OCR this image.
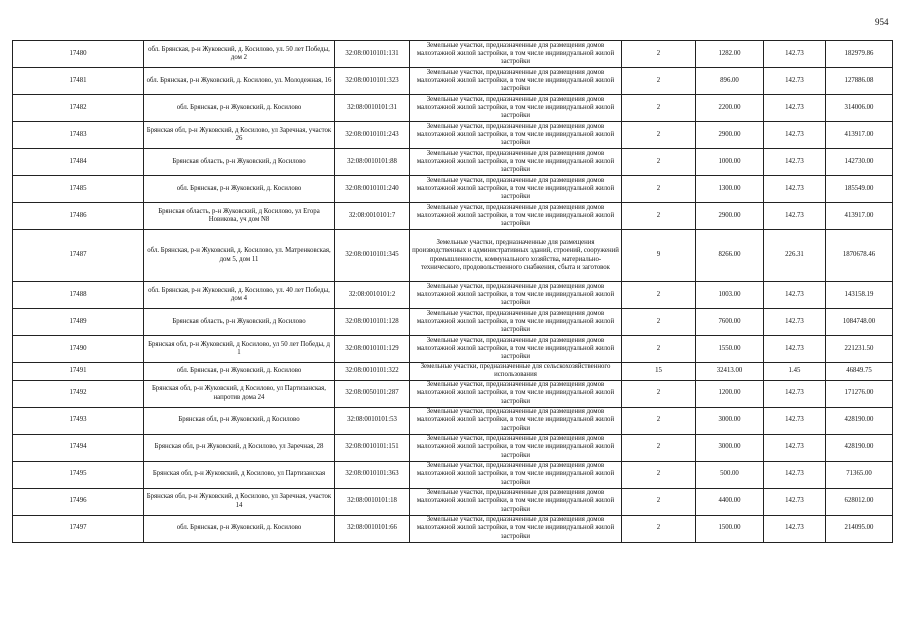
954
17480	обл. Брянская, р-н Жуковский, д. Косилово, ул. 50 лет Победы, дом 2	32:08:0010101:131	Земельные участки, предназначенные для размещения домов малоэтажной жилой застройки, в том числе индивидуальной жилой застройки	2	1282.00	142.73	182979.86
17481	обл. Брянская, р-н Жуковский, д. Косилово, ул. Молодежная, 16	32:08:0010101:323	Земельные участки, предназначенные для размещения домов малоэтажной жилой застройки, в том числе индивидуальной жилой застройки	2	896.00	142.73	127886.08
17482	обл. Брянская, р-н Жуковский, д. Косилово	32:08:0010101:31	Земельные участки, предназначенные для размещения домов малоэтажной жилой застройки, в том числе индивидуальной жилой застройки	2	2200.00	142.73	314006.00
17483	Брянская обл, р-н Жуковский, д Косилово, ул Заречная, участок 26	32:08:0010101:243	Земельные участки, предназначенные для размещения домов малоэтажной жилой застройки, в том числе индивидуальной жилой застройки	2	2900.00	142.73	413917.00
17484	Брянская область, р-н Жуковский, д Косилово	32:08:0010101:88	Земельные участки, предназначенные для размещения домов малоэтажной жилой застройки, в том числе индивидуальной жилой застройки	2	1000.00	142.73	142730.00
17485	обл. Брянская, р-н Жуковский, д. Косилово	32:08:0010101:240	Земельные участки, предназначенные для размещения домов малоэтажной жилой застройки, в том числе индивидуальной жилой застройки	2	1300.00	142.73	185549.00
17486	Брянская область, р-н Жуковский, д Косилово, ул Егора Новикова, уч дом N8	32:08:0010101:7	Земельные участки, предназначенные для размещения домов малоэтажной жилой застройки, в том числе индивидуальной жилой застройки	2	2900.00	142.73	413917.00
17487	обл. Брянская, р-н Жуковский, д. Косилово, ул. Матренковская, дом 5, дом 11	32:08:0010101:345	Земельные участки, предназначенные для размещения производственных и административных зданий, строений, сооружений промышленности, коммунального хозяйства, материально-технического, продовольственного снабжения, сбыта и заготовок	9	8266.00	226.31	1870678.46
17488	обл. Брянская, р-н Жуковский, д. Косилово, ул. 40 лет Победы, дом 4	32:08:0010101:2	Земельные участки, предназначенные для размещения домов малоэтажной жилой застройки, в том числе индивидуальной жилой застройки	2	1003.00	142.73	143158.19
17489	Брянская область, р-н Жуковский, д Косилово	32:08:0010101:128	Земельные участки, предназначенные для размещения домов малоэтажной жилой застройки, в том числе индивидуальной жилой застройки	2	7600.00	142.73	1084748.00
17490	Брянская обл, р-н Жуковский, д Косилово, ул 50 лет Победы, д 1	32:08:0010101:129	Земельные участки, предназначенные для размещения домов малоэтажной жилой застройки, в том числе индивидуальной жилой застройки	2	1550.00	142.73	221231.50
17491	обл. Брянская, р-н Жуковский, д. Косилово	32:08:0010101:322	Земельные участки, предназначенные для сельскохозяйственного использования	15	32413.00	1.45	46849.75
17492	Брянская обл, р-н Жуковский, д Косилово, ул Партизанская, напротив дома 24	32:08:0050101:287	Земельные участки, предназначенные для размещения домов малоэтажной жилой застройки, в том числе индивидуальной жилой застройки	2	1200.00	142.73	171276.00
17493	Брянская обл, р-н Жуковский, д Косилово	32:08:0010101:53	Земельные участки, предназначенные для размещения домов малоэтажной жилой застройки, в том числе индивидуальной жилой застройки	2	3000.00	142.73	428190.00
17494	Брянская обл, р-н Жуковский, д Косилово, ул Заречная, 28	32:08:0010101:151	Земельные участки, предназначенные для размещения домов малоэтажной жилой застройки, в том числе индивидуальной жилой застройки	2	3000.00	142.73	428190.00
17495	Брянская обл, р-н Жуковский, д Косилово, ул Партизанская	32:08:0010101:363	Земельные участки, предназначенные для размещения домов малоэтажной жилой застройки, в том числе индивидуальной жилой застройки	2	500.00	142.73	71365.00
17496	Брянская обл, р-н Жуковский, д Косилово, ул Заречная, участок 14	32:08:0010101:18	Земельные участки, предназначенные для размещения домов малоэтажной жилой застройки, в том числе индивидуальной жилой застройки	2	4400.00	142.73	628012.00
17497	обл. Брянская, р-н Жуковский, д. Косилово	32:08:0010101:66	Земельные участки, предназначенные для размещения домов малоэтажной жилой застройки, в том числе индивидуальной жилой застройки	2	1500.00	142.73	214095.00
